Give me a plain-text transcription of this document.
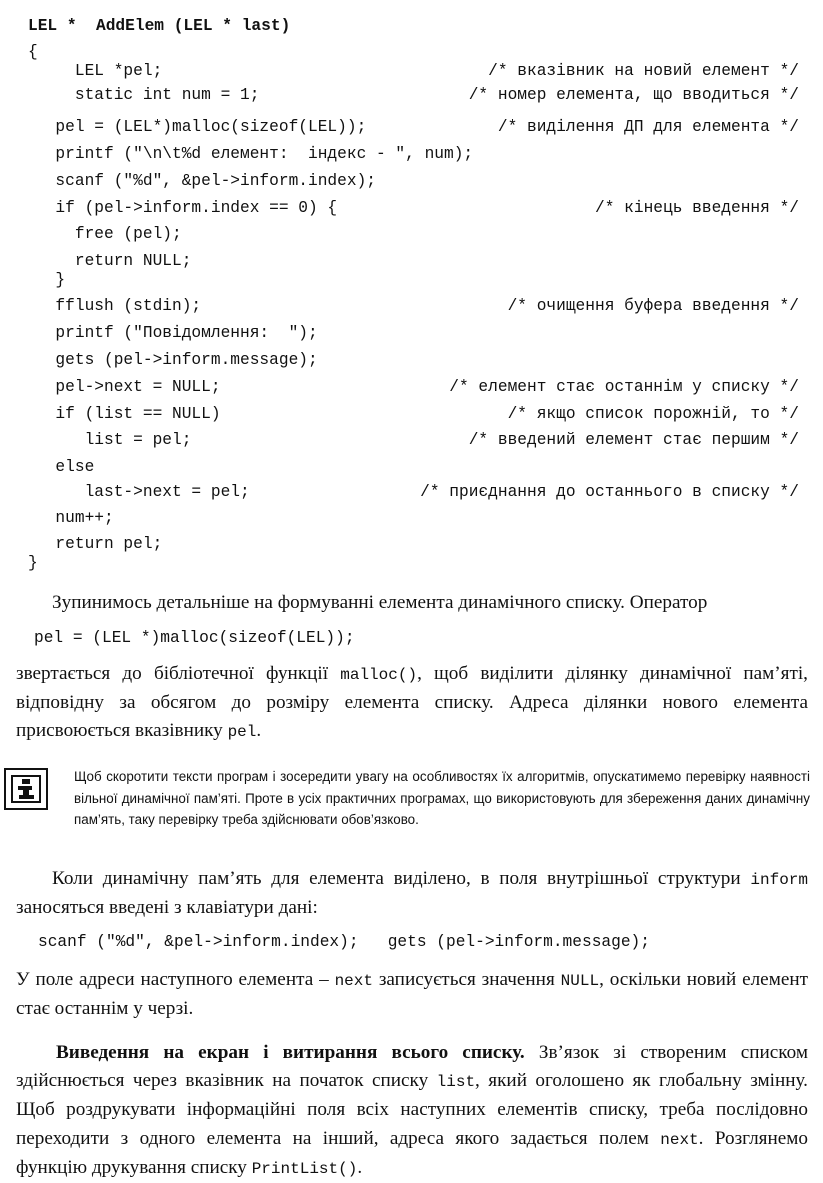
LEL *  AddElem (LEL * last)
{
LEL *pel;
static int num = 1;
pel = (LEL*)malloc(sizeof(LEL));
printf ("\n\t%d елемент:  індекс - ", num);
scanf ("%d", &pel->inform.index);
if (pel->inform.index == 0) {
free (pel);
return NULL;
}
fflush (stdin);
printf ("Повідомлення:  ");
gets (pel->inform.message);
pel->next = NULL;
if (list == NULL)
list = pel;
else
last->next = pel;
num++;
return pel;
}
/* вказівник на новий елемент */
/* номер елемента, що вводиться */
/* виділення ДП для елемента */
/* кінець введення */
/* очищення буфера введення */
/* елемент стає останнім у списку */
/* якщо список порожній, то */
/* введений елемент стає першим */
/* приєднання до останнього в списку */
Зупинимось детальніше на формуванні елемента динамічного списку. Оператор
pel = (LEL *)malloc(sizeof(LEL));
звертається до бібліотечної функції malloc(), щоб виділити ділянку динамічної пам’яті, відповідну за обсягом до розміру елемента списку. Адреса ділянки нового елемента присвоюється вказівнику pel.
Щоб скоротити тексти програм і зосередити увагу на особливостях їх алгоритмів, опускатимемо перевірку наявності вільної динамічної пам’яті. Проте в усіх практичних програмах, що використовують для збереження даних динамічну пам’ять, таку перевірку треба здійснювати обов’язково.
Коли динамічну пам’ять для елемента виділено, в поля внутрішньої структури inform заносяться введені з клавіатури дані:
scanf ("%d", &pel->inform.index);   gets (pel->inform.message);
У поле адреси наступного елемента – next записується значення NULL, оскільки новий елемент стає останнім у черзі.
Виведення на екран і витирання всього списку. Зв’язок зі створеним списком здійснюється через вказівник на початок списку list, який оголошено як глобальну змінну. Щоб роздрукувати інформаційні поля всіх наступних елементів списку, треба послідовно переходити з одного елемента на інший, адреса якого задається полем next. Розглянемо функцію друкування списку PrintList().
